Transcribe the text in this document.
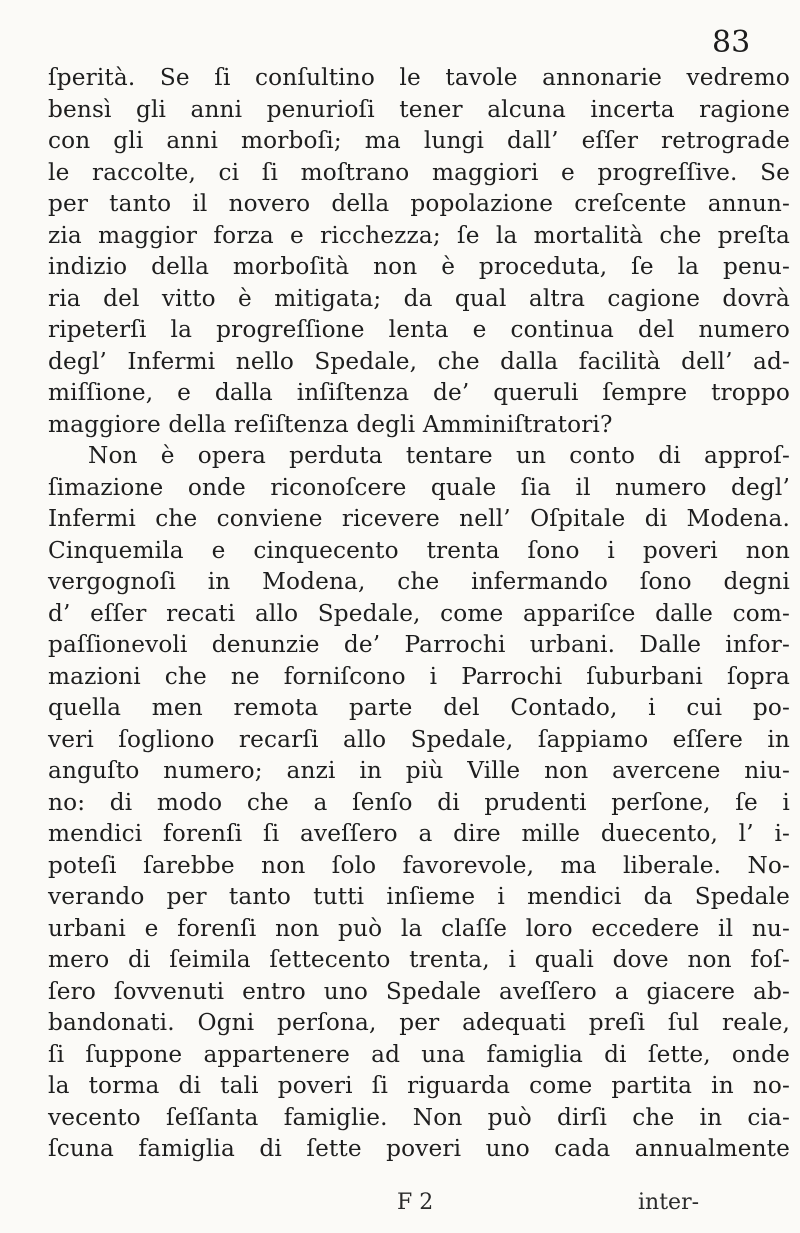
83
ſperità. Se ſi conſultino le tavole annonarie vedremo
bensì gli anni penurioſi tener alcuna incerta ragione
con gli anni morboſi; ma lungi dall’ eſſer retrograde
le raccolte, ci ſi moſtrano maggiori e progreſſive. Se
per tanto il novero della popolazione creſcente annun-
zia maggior forza e ricchezza; ſe la mortalità che preſta
indizio della morboſità non è proceduta, ſe la penu-
ria del vitto è mitigata; da qual altra cagione dovrà
ripeterſi la progreſſione lenta e continua del numero
degl’ Infermi nello Spedale, che dalla facilità dell’ ad-
miſſione, e dalla inſiſtenza de’ queruli ſempre troppo
maggiore della reſiſtenza degli Amminiſtratori?
Non è opera perduta tentare un conto di approſ-
ſimazione onde riconoſcere quale ſia il numero degl’
Infermi che conviene ricevere nell’ Oſpitale di Modena.
Cinquemila e cinquecento trenta ſono i poveri non
vergognoſi in Modena, che infermando ſono degni
d’ eſſer recati allo Spedale, come appariſce dalle com-
paſſionevoli denunzie de’ Parrochi urbani. Dalle infor-
mazioni che ne forniſcono i Parrochi ſuburbani ſopra
quella men remota parte del Contado, i cui po-
veri ſogliono recarſi allo Spedale, ſappiamo eſſere in
anguſto numero; anzi in più Ville non avercene niu-
no: di modo che a ſenſo di prudenti perſone, ſe i
mendici forenſi ſi aveſſero a dire mille duecento, l’ i-
poteſi ſarebbe non ſolo favorevole, ma liberale. No-
verando per tanto tutti inſieme i mendici da Spedale
urbani e forenſi non può la claſſe loro eccedere il nu-
mero di ſeimila ſettecento trenta, i quali dove non foſ-
ſero ſovvenuti entro uno Spedale aveſſero a giacere ab-
bandonati. Ogni perſona, per adequati preſi ſul reale,
ſi ſuppone appartenere ad una famiglia di ſette, onde
la torma di tali poveri ſi riguarda come partita in no-
vecento ſeſſanta famiglie. Non può dirſi che in cia-
ſcuna famiglia di ſette poveri uno cada annualmente
F 2	inter-
